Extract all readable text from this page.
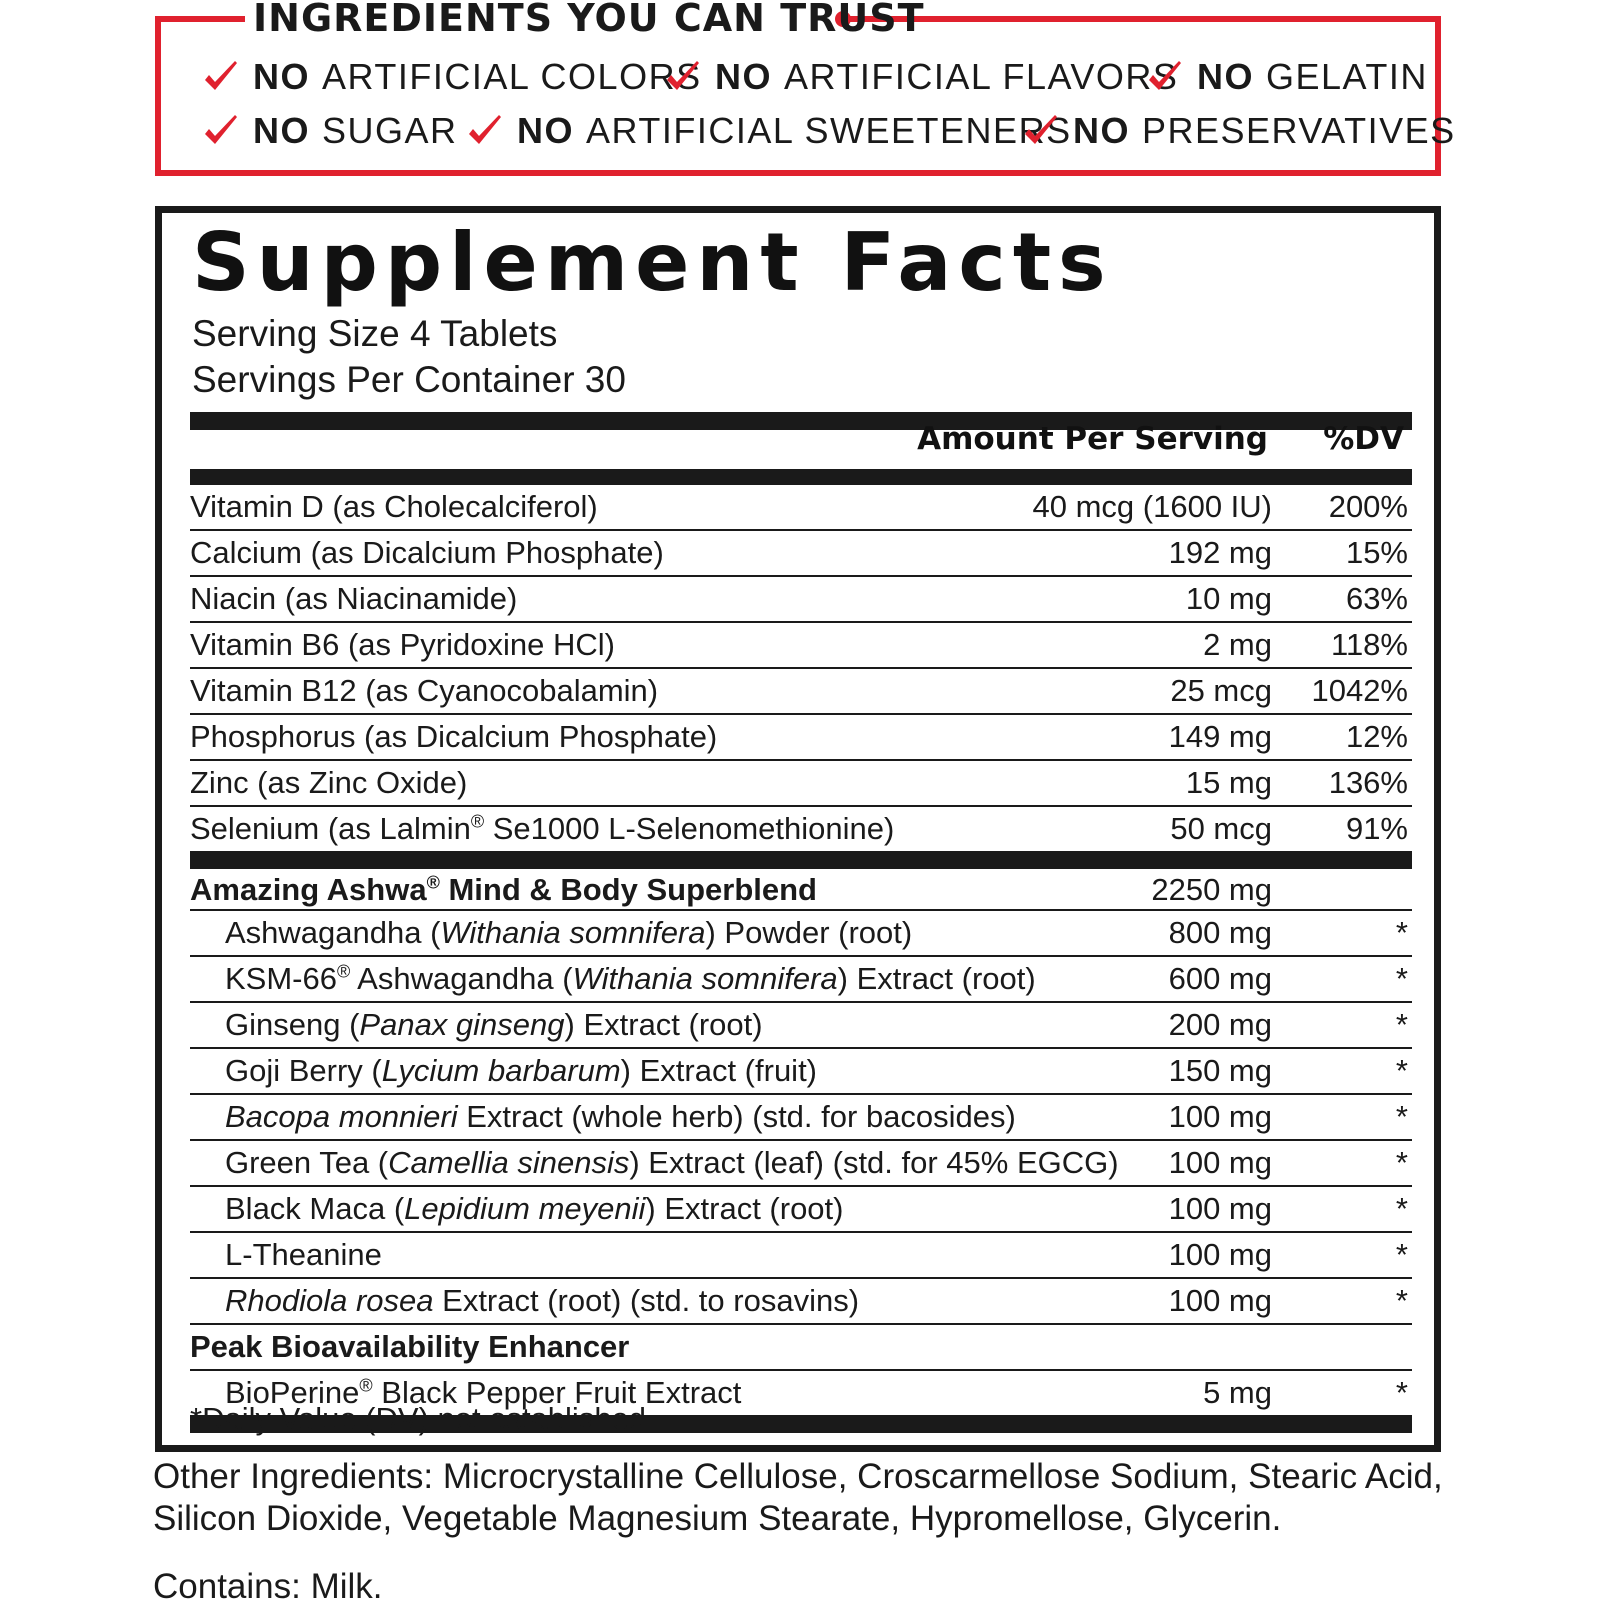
INGREDIENTS YOU CAN TRUST
NO ARTIFICIAL COLORS NO ARTIFICIAL FLAVORS NO GELATIN
NO SUGAR NO ARTIFICIAL SWEETENERS NO PRESERVATIVES
Supplement Facts
Serving Size 4 Tablets
Servings Per Container 30
Amount Per Serving %DV
Vitamin D (as Cholecalciferol)	40 mcg (1600 IU) 200%
Calcium (as Dicalcium Phosphate)	192 mg 15%
Niacin (as Niacinamide)	10 mg 63%
Vitamin B6 (as Pyridoxine HCl)	2 mg 118%
Vitamin B12 (as Cyanocobalamin)	25 mcg 1042%
Phosphorus (as Dicalcium Phosphate)	149 mg 12%
Zinc (as Zinc Oxide)	15 mg 136%
Selenium (as Lalmin® Se1000 L-Selenomethionine)	50 mcg 91%
Amazing Ashwa® Mind & Body Superblend	2250 mg
Ashwagandha (Withania somnifera) Powder (root)	800 mg	*
KSM-66® Ashwagandha (Withania somnifera) Extract (root)	600 mg	*
Ginseng (Panax ginseng) Extract (root)	200 mg	*
Goji Berry (Lycium barbarum) Extract (fruit)	150 mg	*
Bacopa monnieri Extract (whole herb) (std. for bacosides)	100 mg	*
Green Tea (Camellia sinensis) Extract (leaf) (std. for 45% EGCG) 100 mg	*
Black Maca (Lepidium meyenii) Extract (root)	100 mg	*
L-Theanine	100 mg	*
Rhodiola rosea Extract (root) (std. to rosavins)	100 mg	*
Peak Bioavailability Enhancer
BioPerine® Black Pepper Fruit Extract	5 mg	*
*Daily Value (DV) not established

Other Ingredients: Microcrystalline Cellulose, Croscarmellose Sodium, Stearic Acid, Silicon Dioxide, Vegetable Magnesium Stearate, Hypromellose, Glycerin.

Contains: Milk.
